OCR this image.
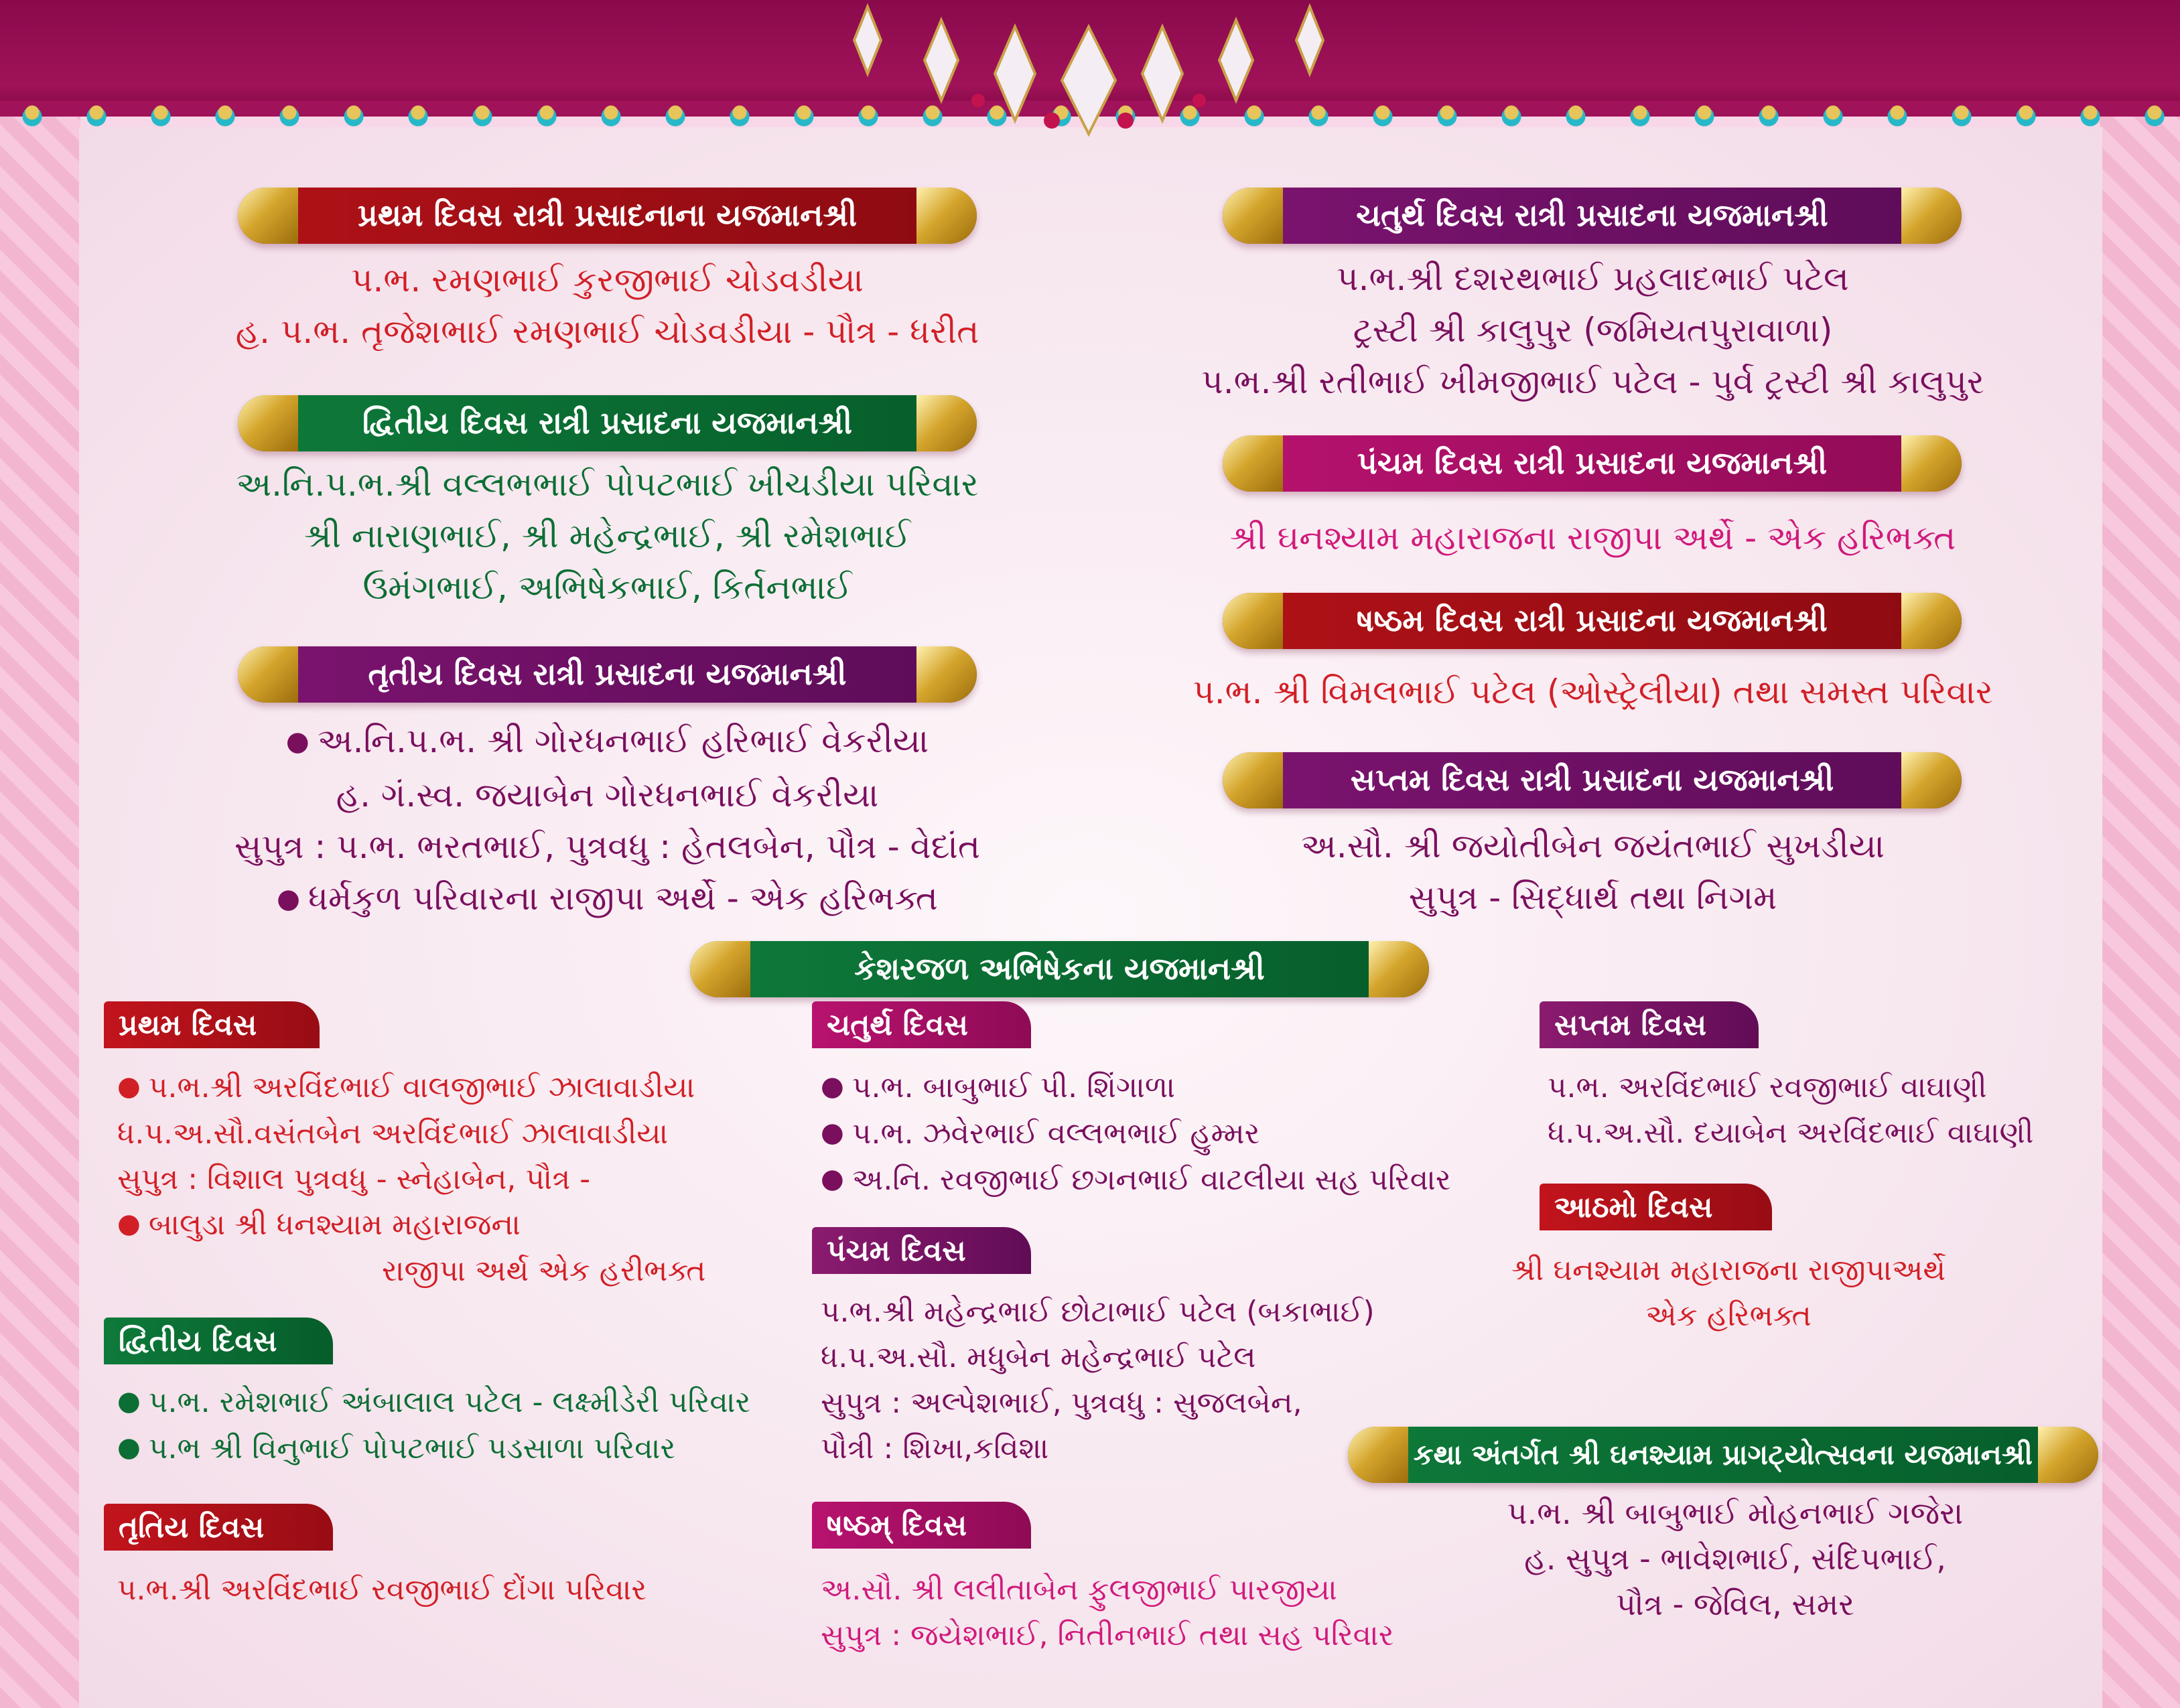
પ્રથમ દિવસ રાત્રી પ્રસાદનાના યજમાનશ્રી
પ.ભ. રમણભાઈ કુરજીભાઈ ચોડવડીયા
હ. પ.ભ. તૃજેશભાઈ રમણભાઈ ચોડવડીયા - પૌત્ર - ધરીત
દ્વિતીય દિવસ રાત્રી પ્રસાદના યજમાનશ્રી
અ.નિ.પ.ભ.શ્રી વલ્લભભાઈ પોપટભાઈ ખીચડીયા પરિવાર
શ્રી નારાણભાઈ, શ્રી મહેન્દ્રભાઈ, શ્રી રમેશભાઈ
ઉમંગભાઈ, અભિષેકભાઈ, કિર્તનભાઈ
તૃતીય દિવસ રાત્રી પ્રસાદના યજમાનશ્રી
● અ.નિ.પ.ભ. શ્રી ગોરધનભાઈ હરિભાઈ વેકરીયા
હ. ગં.સ્વ. જયાબેન ગોરધનભાઈ વેકરીયા
સુપુત્ર : પ.ભ. ભરતભાઈ, પુત્રવધુ : હેતલબેન, પૌત્ર - વેદાંત
● ધર્મકુળ પરિવારના રાજીપા અર્થે - એક હરિભક્ત
ચતુર્થ દિવસ રાત્રી પ્રસાદના યજમાનશ્રી
પ.ભ.શ્રી દશરથભાઈ પ્રહલાદભાઈ પટેલ
ટ્રસ્ટી શ્રી કાલુપુર (જમિયતપુરાવાળા)
પ.ભ.શ્રી રતીભાઈ ખીમજીભાઈ પટેલ - પુર્વ ટ્રસ્ટી શ્રી કાલુપુર
પંચમ દિવસ રાત્રી પ્રસાદના યજમાનશ્રી
શ્રી ઘનશ્યામ મહારાજના રાજીપા અર્થે - એક હરિભક્ત
ષષ્ઠમ દિવસ રાત્રી પ્રસાદના યજમાનશ્રી
પ.ભ. શ્રી વિમલભાઈ પટેલ (ઓસ્ટ્રેલીયા) તથા સમસ્ત પરિવાર
સપ્તમ દિવસ રાત્રી પ્રસાદના યજમાનશ્રી
અ.સૌ. શ્રી જયોતીબેન જયંતભાઈ સુખડીયા
સુપુત્ર - સિદ્ધાર્થ તથા નિગમ
કેશરજળ અભિષેકના યજમાનશ્રી
પ્રથમ દિવસ
● પ.ભ.શ્રી અરવિંદભાઈ વાલજીભાઈ ઝાલાવાડીયા
ધ.પ.અ.સૌ.વસંતબેન અરવિંદભાઈ ઝાલાવાડીયા
સુપુત્ર : વિશાલ પુત્રવધુ - સ્નેહાબેન, પૌત્ર -
● બાલુડા શ્રી ધનશ્યામ મહારાજના
રાજીપા અર્થ એક હરીભક્ત
દ્વિતીય દિવસ
● પ.ભ. રમેશભાઈ અંબાલાલ પટેલ - લક્ષ્મીડેરી પરિવાર
● પ.ભ શ્રી વિનુભાઈ પોપટભાઈ પડસાળા પરિવાર
તૃતિય દિવસ
પ.ભ.શ્રી અરવિંદભાઈ રવજીભાઈ દોંગા પરિવાર
ચતુર્થ દિવસ
● પ.ભ. બાબુભાઈ પી. શિંગાળા
● પ.ભ. ઝવેરભાઈ વલ્લભભાઈ હુમ્મર
● અ.નિ. રવજીભાઈ છગનભાઈ વાટલીયા સહ પરિવાર
પંચમ દિવસ
પ.ભ.શ્રી મહેન્દ્રભાઈ છોટાભાઈ પટેલ (બકાભાઈ)
ધ.પ.અ.સૌ. મધુબેન મહેન્દ્રભાઈ પટેલ
સુપુત્ર : અલ્પેશભાઈ, પુત્રવધુ : સુજલબેન,
પૌત્રી : શિખા,કવિશા
ષષ્ઠમ્ દિવસ
અ.સૌ. શ્રી લલીતાબેન ફુલજીભાઈ પારજીયા
સુપુત્ર : જયેશભાઈ, નિતીનભાઈ તથા સહ પરિવાર
સપ્તમ દિવસ
પ.ભ. અરવિંદભાઈ રવજીભાઈ વાઘાણી
ધ.પ.અ.સૌ. દયાબેન અરવિંદભાઈ વાઘાણી
આઠમો દિવસ
શ્રી ઘનશ્યામ મહારાજના રાજીપાઅર્થે
એક હરિભક્ત
કથા અંતર્ગત શ્રી ઘનશ્યામ પ્રાગટ્યોત્સવના યજમાનશ્રી
પ.ભ. શ્રી બાબુભાઈ મોહનભાઈ ગજેરા
હ. સુપુત્ર - ભાવેશભાઈ, સંદિપભાઈ,
પૌત્ર - જેવિલ, સમર
